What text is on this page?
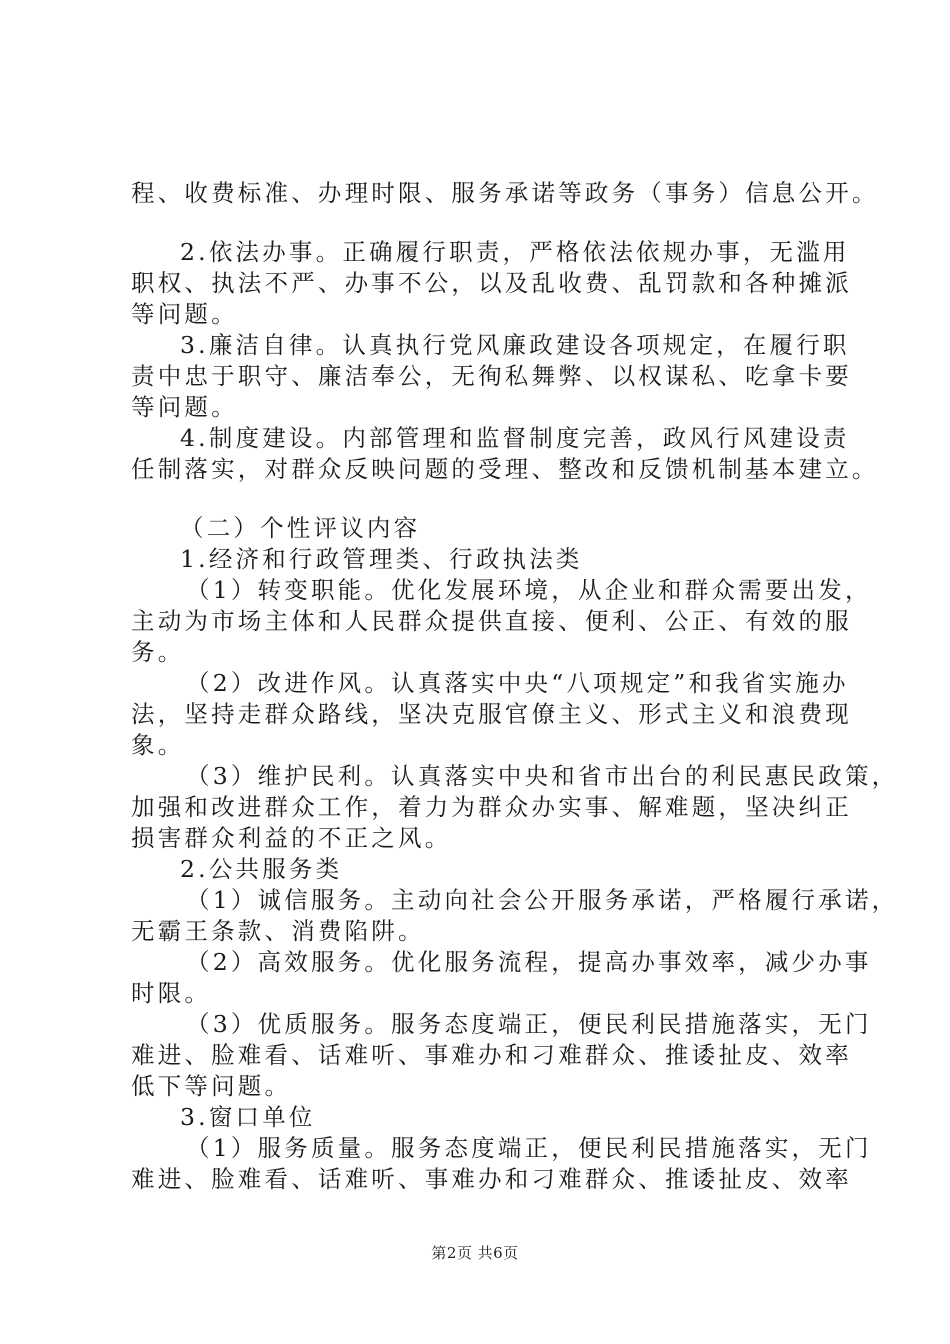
程、收费标准、办理时限、服务承诺等政务（事务）信息公开。
2.依法办事。正确履行职责，严格依法依规办事，无滥用
职权、执法不严、办事不公，以及乱收费、乱罚款和各种摊派
等问题。
3.廉洁自律。认真执行党风廉政建设各项规定，在履行职
责中忠于职守、廉洁奉公，无徇私舞弊、以权谋私、吃拿卡要
等问题。
4.制度建设。内部管理和监督制度完善，政风行风建设责
任制落实，对群众反映问题的受理、整改和反馈机制基本建立。
（二）个性评议内容
1.经济和行政管理类、行政执法类
（1）转变职能。优化发展环境，从企业和群众需要出发，
主动为市场主体和人民群众提供直接、便利、公正、有效的服
务。
（2）改进作风。认真落实中央“八项规定”和我省实施办
法，坚持走群众路线，坚决克服官僚主义、形式主义和浪费现
象。
（3）维护民利。认真落实中央和省市出台的利民惠民政策，
加强和改进群众工作，着力为群众办实事、解难题，坚决纠正
损害群众利益的不正之风。
2.公共服务类
（1）诚信服务。主动向社会公开服务承诺，严格履行承诺，
无霸王条款、消费陷阱。
（2）高效服务。优化服务流程，提高办事效率，减少办事
时限。
（3）优质服务。服务态度端正，便民利民措施落实，无门
难进、脸难看、话难听、事难办和刁难群众、推诿扯皮、效率
低下等问题。
3.窗口单位
（1）服务质量。服务态度端正，便民利民措施落实，无门
难进、脸难看、话难听、事难办和刁难群众、推诿扯皮、效率
第2页 共6页
